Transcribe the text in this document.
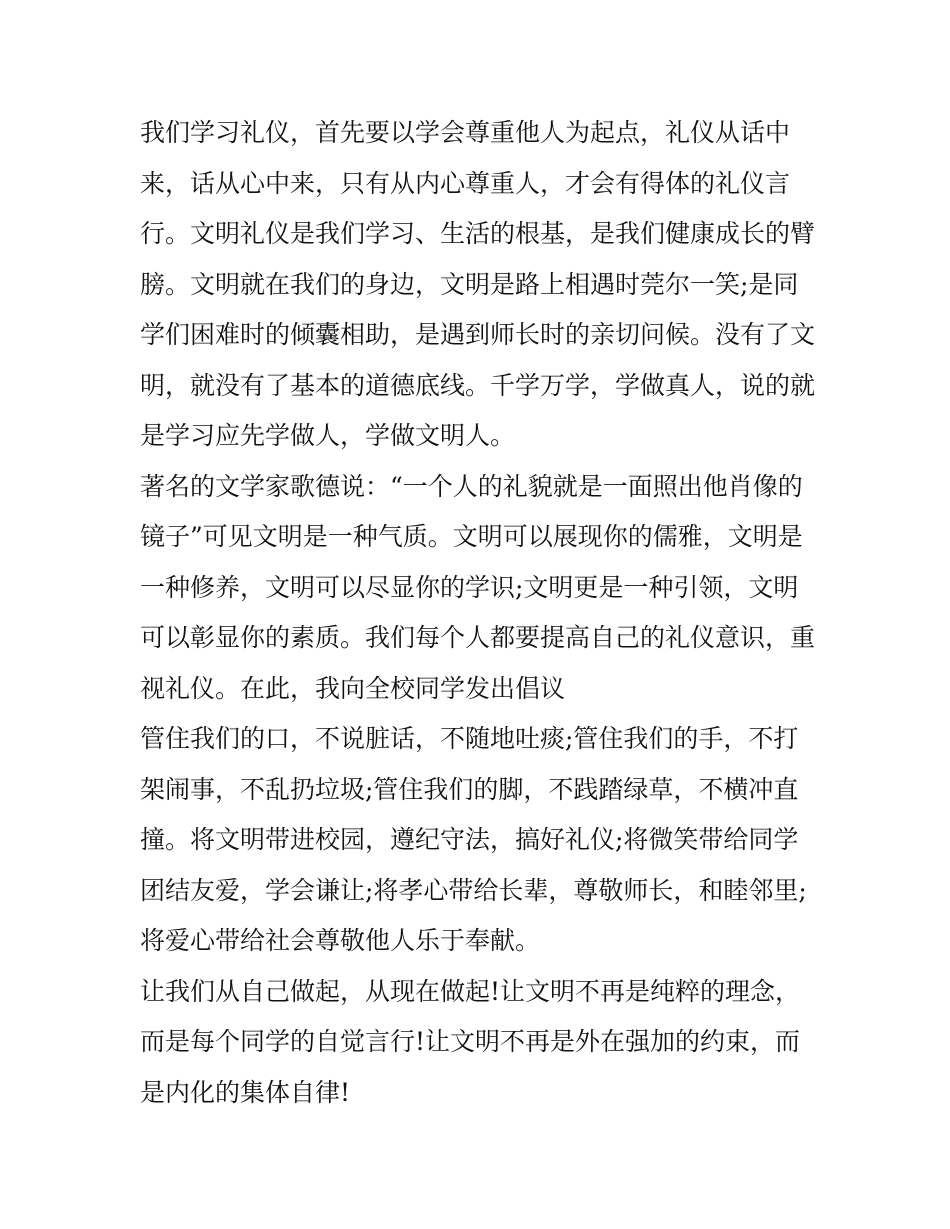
我们学习礼仪，首先要以学会尊重他人为起点，礼仪从话中
来，话从心中来，只有从内心尊重人，才会有得体的礼仪言
行。文明礼仪是我们学习、生活的根基，是我们健康成长的臂
膀。文明就在我们的身边，文明是路上相遇时莞尔一笑;是同
学们困难时的倾囊相助，是遇到师长时的亲切问候。没有了文
明，就没有了基本的道德底线。千学万学，学做真人，说的就
是学习应先学做人，学做文明人。
著名的文学家歌德说：“一个人的礼貌就是一面照出他肖像的
镜子”可见文明是一种气质。文明可以展现你的儒雅，文明是
一种修养，文明可以尽显你的学识;文明更是一种引领，文明
可以彰显你的素质。我们每个人都要提高自己的礼仪意识，重
视礼仪。在此，我向全校同学发出倡议
管住我们的口，不说脏话，不随地吐痰;管住我们的手，不打
架闹事，不乱扔垃圾;管住我们的脚，不践踏绿草，不横冲直
撞。将文明带进校园，遵纪守法，搞好礼仪;将微笑带给同学
团结友爱，学会谦让;将孝心带给长辈，尊敬师长，和睦邻里;
将爱心带给社会尊敬他人乐于奉献。
让我们从自己做起，从现在做起!让文明不再是纯粹的理念，
而是每个同学的自觉言行!让文明不再是外在强加的约束，而
是内化的集体自律!
